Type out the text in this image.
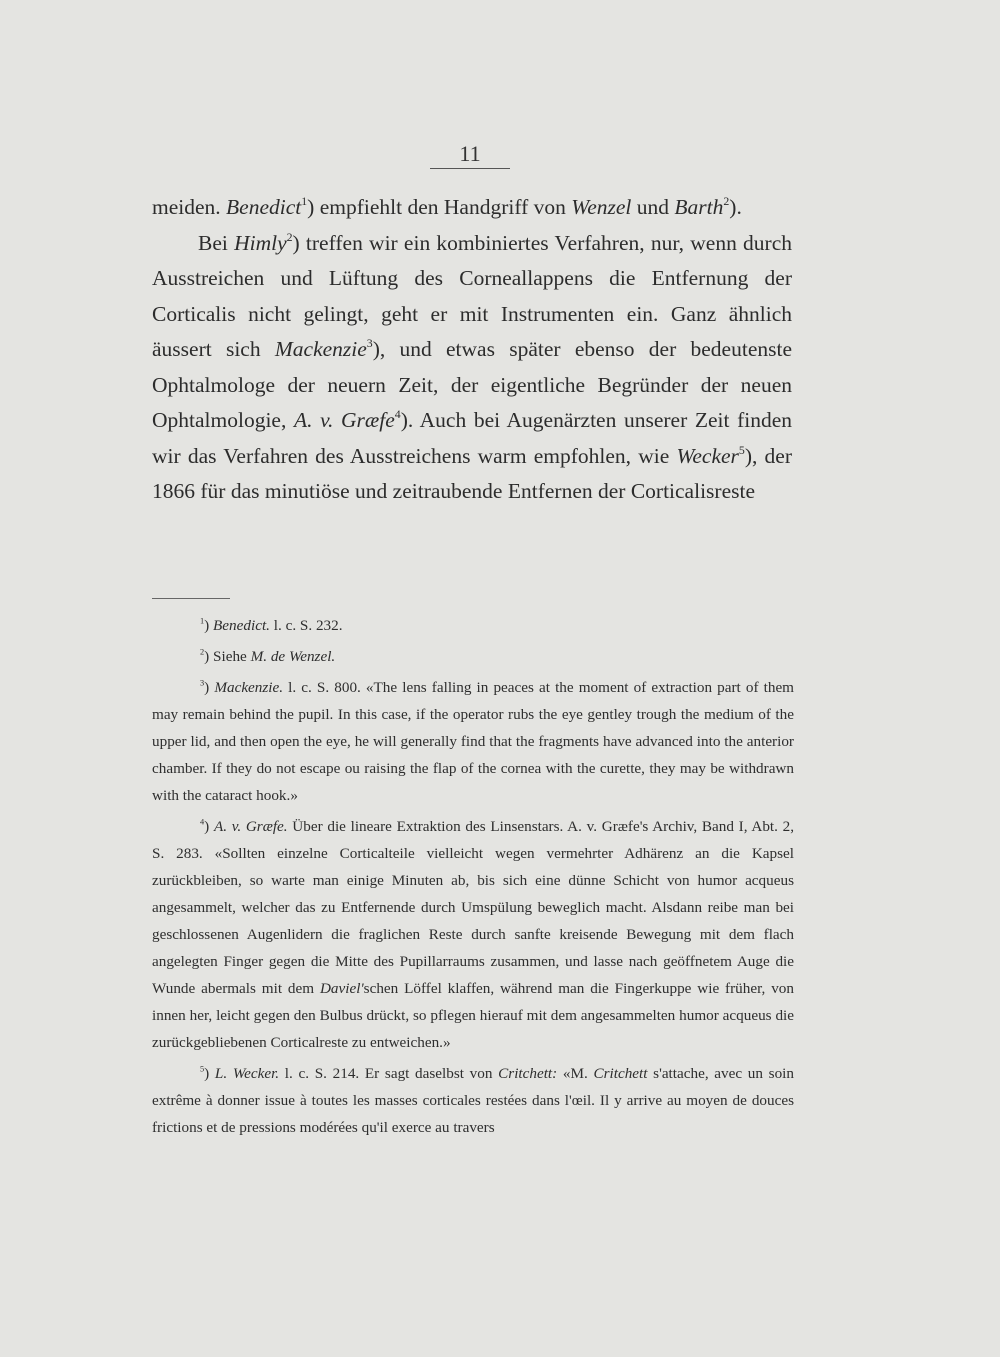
11

meiden. Benedict$^1$) empfiehlt den Handgriff von Wenzel und Barth$^2$).

Bei Himly$^2$) treffen wir ein kombiniertes Verfahren, nur, wenn durch Ausstreichen und Lüftung des Corneallappens die Entfernung der Corticalis nicht gelingt, geht er mit Instrumenten ein. Ganz ähnlich äussert sich Mackenzie$^3$), und etwas später ebenso der bedeutenste Ophtalmologe der neuern Zeit, der eigentliche Begründer der neuen Ophtalmologie, A. v. Græfe$^4$). Auch bei Augenärzten unserer Zeit finden wir das Verfahren des Ausstreichens warm empfohlen, wie Wecker$^5$), der 1866 für das minutiöse und zeitraubende Entfernen der Corticalisreste

$^1$) Benedict. l. c. S. 232.

$^2$) Siehe M. de Wenzel.

$^3$) Mackenzie. l. c. S. 800. «The lens falling in peaces at the moment of extraction part of them may remain behind the pupil. In this case, if the operator rubs the eye gentley trough the medium of the upper lid, and then open the eye, he will generally find that the fragments have advanced into the anterior chamber. If they do not escape ou raising the flap of the cornea with the curette, they may be withdrawn with the cataract hook.»

$^4$) A. v. Græfe. Über die lineare Extraktion des Linsenstars. A. v. Græfe's Archiv, Band I, Abt. 2, S. 283. «Sollten einzelne Corticalteile vielleicht wegen vermehrter Adhärenz an die Kapsel zurückbleiben, so warte man einige Minuten ab, bis sich eine dünne Schicht von humor acqueus angesammelt, welcher das zu Entfernende durch Umspülung beweglich macht. Alsdann reibe man bei geschlossenen Augenlidern die fraglichen Reste durch sanfte kreisende Bewegung mit dem flach angelegten Finger gegen die Mitte des Pupillarraums zusammen, und lasse nach geöffnetem Auge die Wunde abermals mit dem Daviel'schen Löffel klaffen, während man die Fingerkuppe wie früher, von innen her, leicht gegen den Bulbus drückt, so pflegen hierauf mit dem angesammelten humor acqueus die zurückgebliebenen Corticalreste zu entweichen.»

$^5$) L. Wecker. l. c. S. 214. Er sagt daselbst von Critchett: «M. Critchett s'attache, avec un soin extrême à donner issue à toutes les masses corticales restées dans l'œil. Il y arrive au moyen de douces frictions et de pressions modérées qu'il exerce au travers
